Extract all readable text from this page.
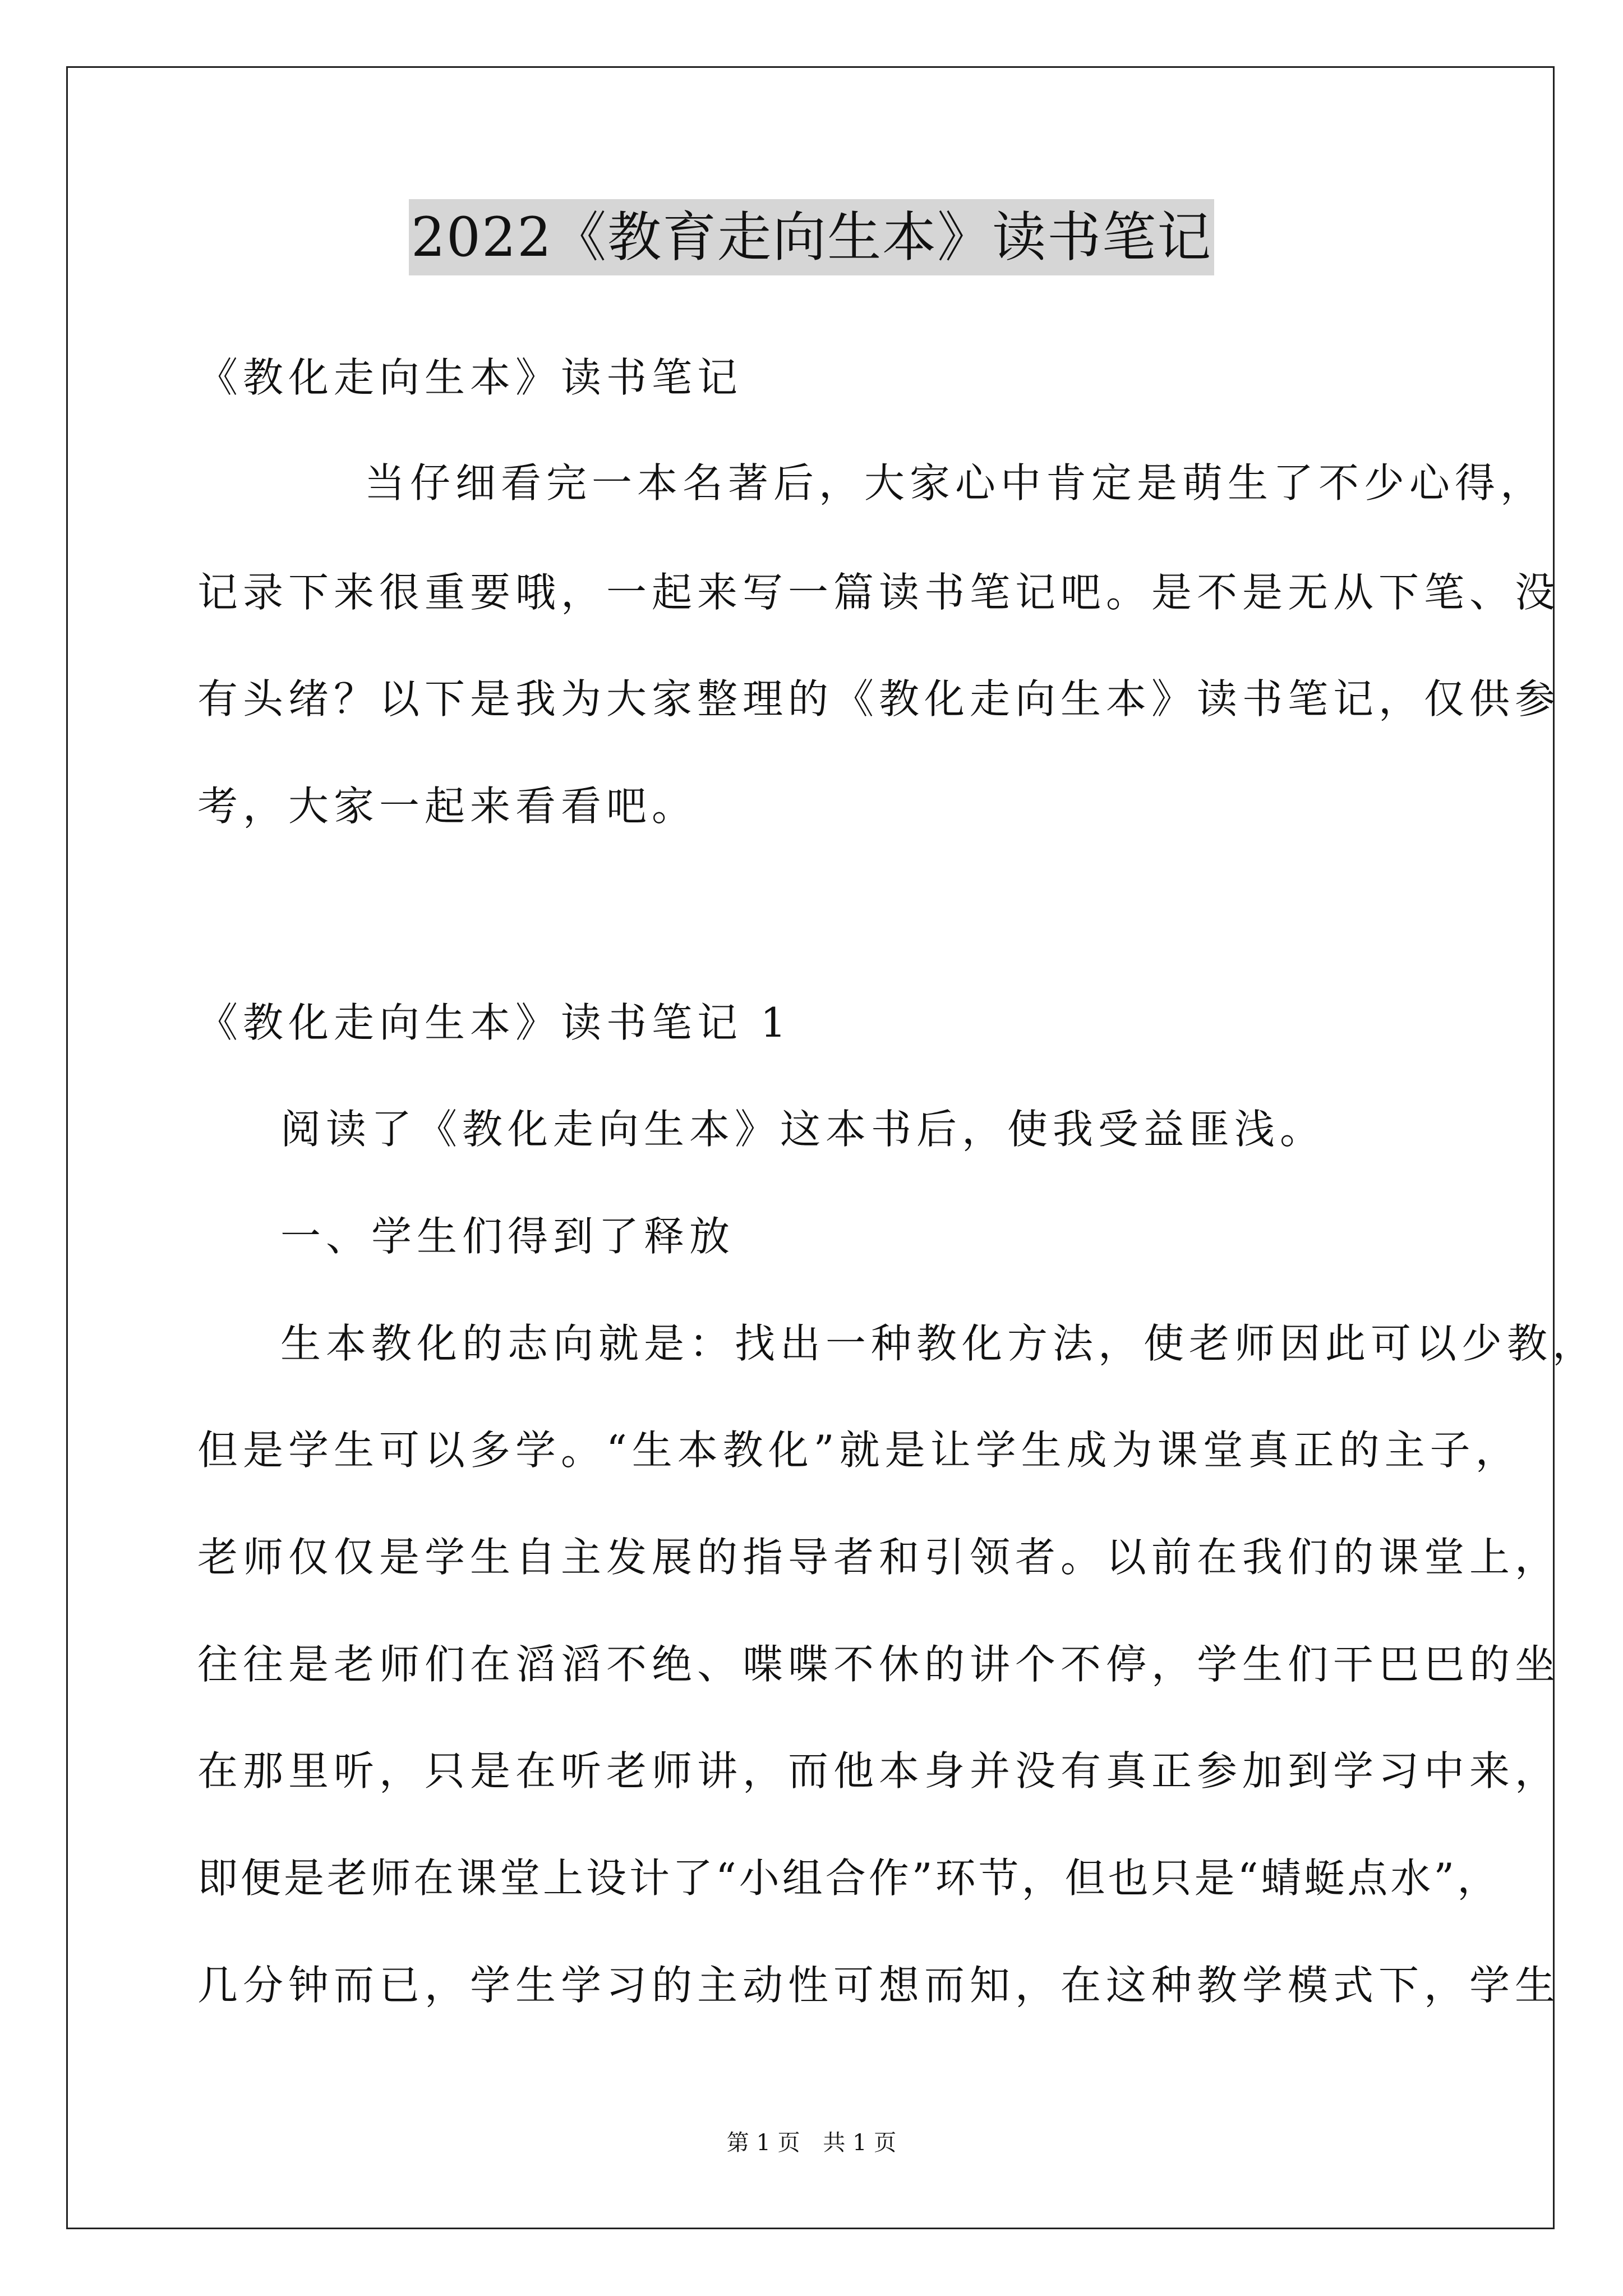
2022《教育走向生本》读书笔记
《教化走向生本》读书笔记
当仔细看完一本名著后，大家心中肯定是萌生了不少心得，
记录下来很重要哦，一起来写一篇读书笔记吧。是不是无从下笔、没
有头绪？以下是我为大家整理的《教化走向生本》读书笔记，仅供参
考，大家一起来看看吧。
《教化走向生本》读书笔记 1
阅读了《教化走向生本》这本书后，使我受益匪浅。
一、学生们得到了释放
生本教化的志向就是：找出一种教化方法，使老师因此可以少教，
但是学生可以多学。“生本教化”就是让学生成为课堂真正的主子，
老师仅仅是学生自主发展的指导者和引领者。以前在我们的课堂上，
往往是老师们在滔滔不绝、喋喋不休的讲个不停，学生们干巴巴的坐
在那里听，只是在听老师讲，而他本身并没有真正参加到学习中来，
即便是老师在课堂上设计了“小组合作”环节，但也只是“蜻蜓点水”，
几分钟而已，学生学习的主动性可想而知，在这种教学模式下，学生
第 1 页 共 1 页
